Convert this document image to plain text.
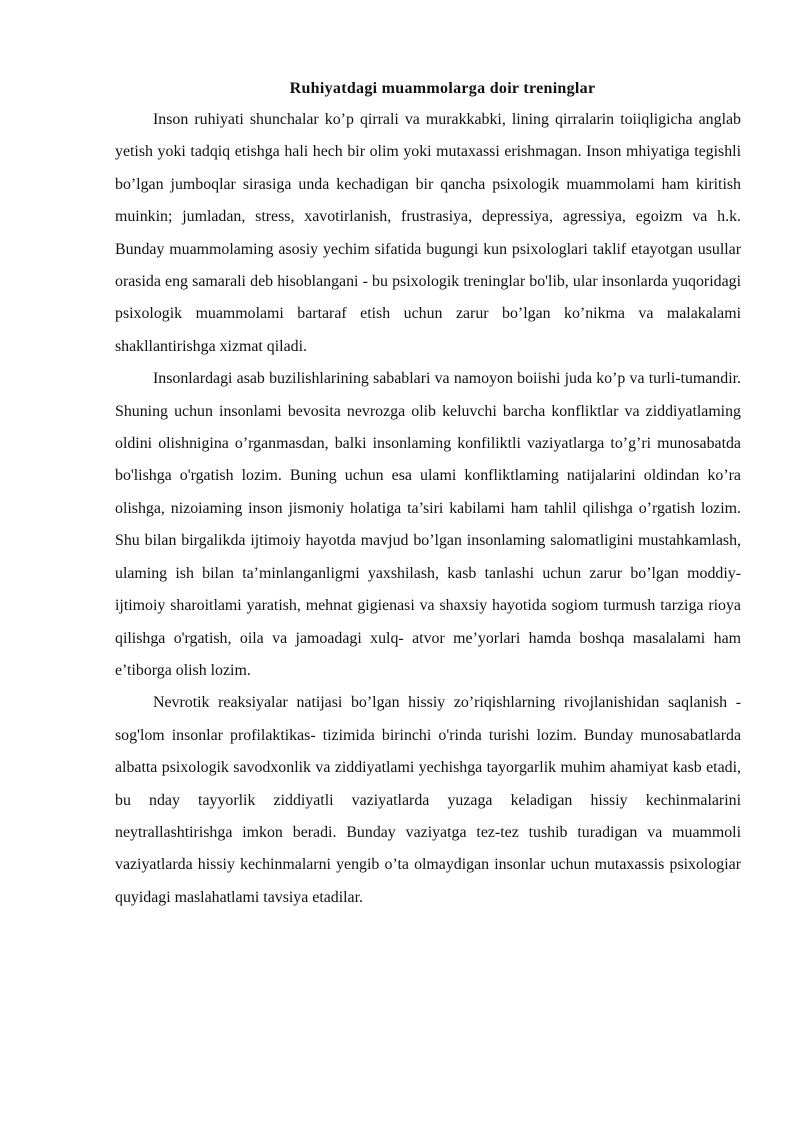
Ruhiyatdagi muammolarga doir treninglar

Inson ruhiyati shunchalar ko’p qirrali va murakkabki, lining qirralarin toiiqligicha anglab yetish yoki tadqiq etishga hali hech bir olim yoki mutaxassi erishmagan. Inson mhiyatiga tegishli bo’lgan jumboqlar sirasiga unda kechadigan bir qancha psixologik muammolami ham kiritish muinkin; jumladan, stress, xavotirlanish, frustrasiya, depressiya, agressiya, egoizm va h.k. Bunday muammolaming asosiy yechim sifatida bugungi kun psixologlari taklif etayotgan usullar orasida eng samarali deb hisoblangani - bu psixologik treninglar bo'lib, ular insonlarda yuqoridagi psixologik muammolami bartaraf etish uchun zarur bo’lgan ko’nikma va malakalami shakllantirishga xizmat qiladi.

Insonlardagi asab buzilishlarining sabablari va namoyon boiishi juda ko’p va turli-tumandir. Shuning uchun insonlami bevosita nevrozga olib keluvchi barcha konfliktlar va ziddiyatlaming oldini olishnigina o’rganmasdan, balki insonlaming konfiliktli vaziyatlarga to’g’ri munosabatda bo'lishga o'rgatish lozim. Buning uchun esa ulami konfliktlaming natijalarini oldindan ko’ra olishga, nizoiaming inson jismoniy holatiga ta’siri kabilami ham tahlil qilishga o’rgatish lozim. Shu bilan birgalikda ijtimoiy hayotda mavjud bo’lgan insonlaming salomatligini mustahkamlash, ulaming ish bilan ta’minlanganligmi yaxshilash, kasb tanlashi uchun zarur bo’lgan moddiy-ijtimoiy sharoitlami yaratish, mehnat gigienasi va shaxsiy hayotida sogiom turmush tarziga rioya qilishga o'rgatish, oila va jamoadagi xulq- atvor me’yorlari hamda boshqa masalalami ham e’tiborga olish lozim.

Nevrotik reaksiyalar natijasi bo’lgan hissiy zo’riqishlarning rivojlanishidan saqlanish - sog'lom insonlar profilaktikas- tizimida birinchi o'rinda turishi lozim. Bunday munosabatlarda albatta psixologik savodxonlik va ziddiyatlami yechishga tayorgarlik muhim ahamiyat kasb etadi, bu nday tayyorlik ziddiyatli vaziyatlarda yuzaga keladigan hissiy kechinmalarini neytrallashtirishga imkon beradi. Bunday vaziyatga tez-tez tushib turadigan va muammoli vaziyatlarda hissiy kechinmalarni yengib o’ta olmaydigan insonlar uchun mutaxassis psixologiar quyidagi maslahatlami tavsiya etadilar.
